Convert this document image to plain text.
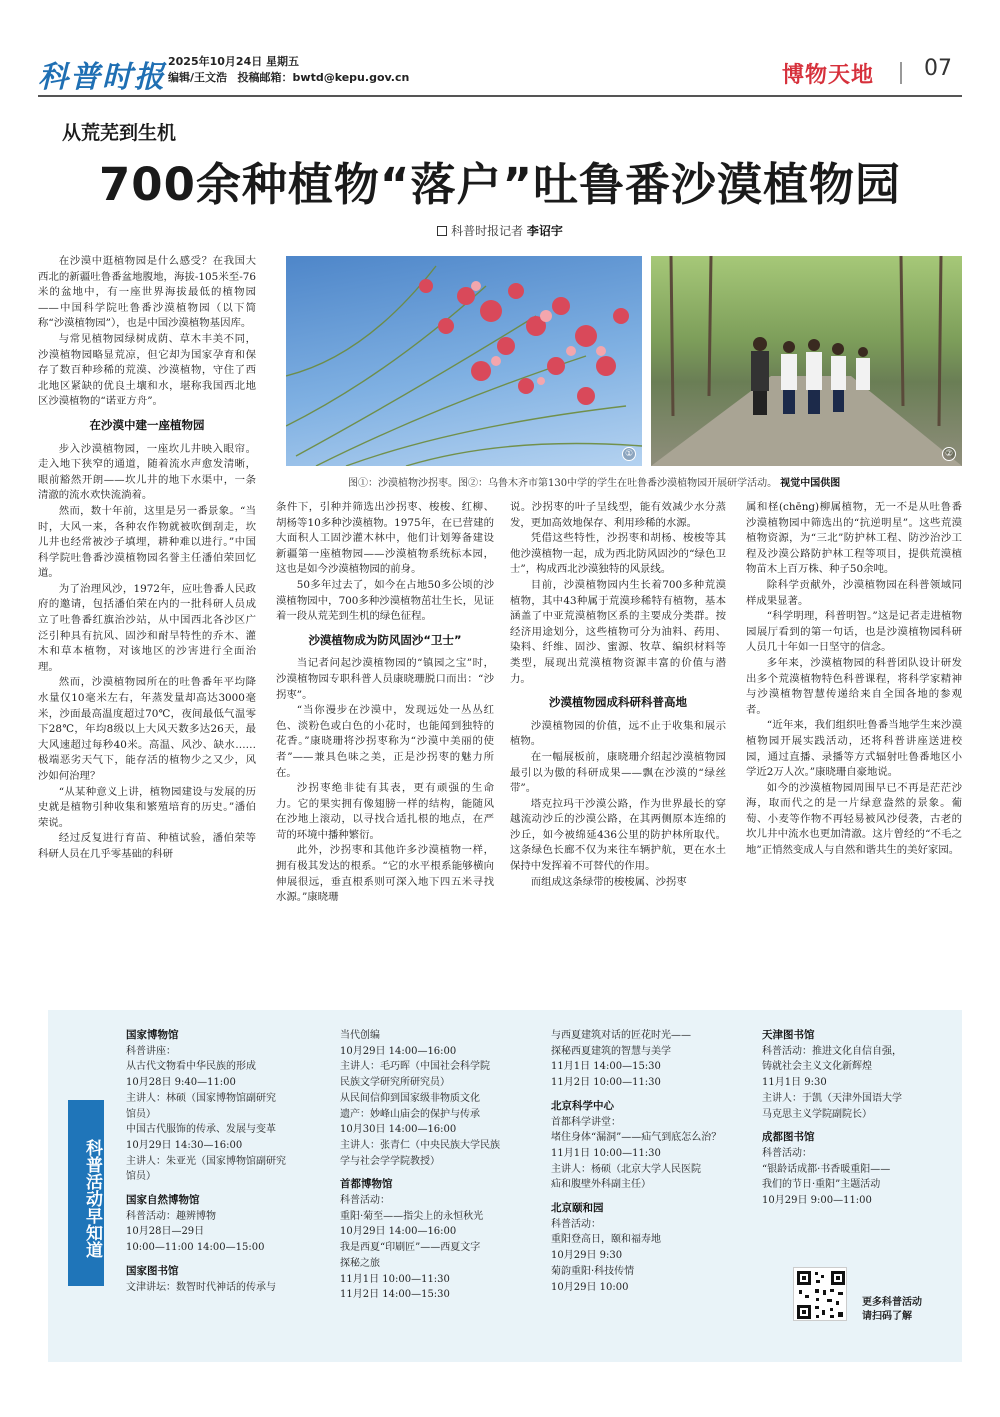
科普时报 2025年10月24日 星期五
编辑/王文浩 投稿邮箱：bwtd@kepu.gov.cn	博物天地 07
从荒芜到生机
700余种植物“落户”吐鲁番沙漠植物园
科普时报记者 李诏宇

在沙漠中逛植物园是什么感受？在我国大西北的新疆吐鲁番盆地腹地，海拔-105米至-76米的盆地中，有一座世界海拔最低的植物园——中国科学院吐鲁番沙漠植物园（以下简称“沙漠植物园”），也是中国沙漠植物基因库。

与常见植物园绿树成荫、草木丰美不同，沙漠植物园略显荒凉，但它却为国家孕育和保存了数百种珍稀的荒漠、沙漠植物，守住了西北地区紧缺的优良土壤和水，堪称我国西北地区沙漠植物的“诺亚方舟”。

在沙漠中建一座植物园

步入沙漠植物园，一座坎儿井映入眼帘。走入地下狭窄的通道，随着流水声愈发清晰，眼前豁然开朗——坎儿井的地下水渠中，一条清澈的流水欢快流淌着。

然而，数十年前，这里是另一番景象。“当时，大风一来，各种农作物就被吹倒刮走，坎儿井也经常被沙子填埋，耕种难以进行。”中国科学院吐鲁番沙漠植物园名誉主任潘伯荣回忆道。

为了治理风沙，1972年，应吐鲁番人民政府的邀请，包括潘伯荣在内的一批科研人员成立了吐鲁番红旗治沙站，从中国西北各沙区广泛引种具有抗风、固沙和耐旱特性的乔木、灌木和草本植物，对该地区的沙害进行全面治理。

然而，沙漠植物园所在的吐鲁番年平均降水量仅10毫米左右，年蒸发量却高达3000毫米，沙面最高温度超过70℃，夜间最低气温零下28℃，年均8级以上大风天数多达26天，最大风速超过每秒40米。高温、风沙、缺水……极端恶劣天气下，能存活的植物少之又少，风沙如何治理？

“从某种意义上讲，植物园建设与发展的历史就是植物引种收集和繁殖培育的历史。”潘伯荣说。

经过反复进行育苗、种植试验，潘伯荣等科研人员在几乎零基础的科研

①	②
图①：沙漠植物沙拐枣。图②：乌鲁木齐市第130中学的学生在吐鲁番沙漠植物园开展研学活动。 视觉中国供图

条件下，引种并筛选出沙拐枣、梭梭、红柳、胡杨等10多种沙漠植物。1975年，在已营建的大面积人工固沙灌木林中，他们计划筹备建设新疆第一座植物园——沙漠植物系统标本园，这也是如今沙漠植物园的前身。

50多年过去了，如今在占地50多公顷的沙漠植物园中，700多种沙漠植物茁壮生长，见证着一段从荒芜到生机的绿色征程。

沙漠植物成为防风固沙“卫士”

当记者问起沙漠植物园的“镇园之宝”时，沙漠植物园专职科普人员康晓珊脱口而出：“沙拐枣”。

“当你漫步在沙漠中，发现远处一丛丛红色、淡粉色或白色的小花时，也能闻到独特的花香。”康晓珊将沙拐枣称为“沙漠中美丽的使者”——兼具色味之美，正是沙拐枣的魅力所在。

沙拐枣绝非徒有其表，更有顽强的生命力。它的果实拥有像翅膀一样的结构，能随风在沙地上滚动，以寻找合适扎根的地点，在严苛的环境中播种繁衍。

此外，沙拐枣和其他许多沙漠植物一样，拥有极其发达的根系。“它的水平根系能够横向伸展很远，垂直根系则可深入地下四五米寻找水源。”康晓珊

说。沙拐枣的叶子呈线型，能有效减少水分蒸发，更加高效地保存、利用珍稀的水源。

凭借这些特性，沙拐枣和胡杨、梭梭等其他沙漠植物一起，成为西北防风固沙的“绿色卫士”，构成西北沙漠独特的风景线。

目前，沙漠植物园内生长着700多种荒漠植物，其中43种属于荒漠珍稀特有植物，基本涵盖了中亚荒漠植物区系的主要成分类群。按经济用途划分，这些植物可分为油料、药用、染料、纤维、固沙、蜜源、牧草、编织材料等类型，展现出荒漠植物资源丰富的价值与潜力。

沙漠植物园成科研科普高地

沙漠植物园的价值，远不止于收集和展示植物。

在一幅展板前，康晓珊介绍起沙漠植物园最引以为傲的科研成果——飘在沙漠的“绿丝带”。

塔克拉玛干沙漠公路，作为世界最长的穿越流动沙丘的沙漠公路，在其两侧原本连绵的沙丘，如今被绵延436公里的防护林所取代。这条绿色长廊不仅为来往车辆护航，更在水土保持中发挥着不可替代的作用。

而组成这条绿带的梭梭属、沙拐枣

属和柽(chēng)柳属植物，无一不是从吐鲁番沙漠植物园中筛选出的“抗逆明星”。这些荒漠植物资源，为“三北”防护林工程、防沙治沙工程及沙漠公路防护林工程等项目，提供荒漠植物苗木上百万株、种子50余吨。

除科学贡献外，沙漠植物园在科普领域同样成果显著。

“科学明理，科普明智。”这是记者走进植物园展厅看到的第一句话，也是沙漠植物园科研人员几十年如一日坚守的信念。

多年来，沙漠植物园的科普团队设计研发出多个荒漠植物特色科普课程，将科学家精神与沙漠植物智慧传递给来自全国各地的参观者。

“近年来，我们组织吐鲁番当地学生来沙漠植物园开展实践活动，还将科普讲座送进校园，通过直播、录播等方式辐射吐鲁番地区小学近2万人次。”康晓珊自豪地说。

如今的沙漠植物园周围早已不再是茫茫沙海，取而代之的是一片绿意盎然的景象。葡萄、小麦等作物不再轻易被风沙侵袭，古老的坎儿井中流水也更加清澈。这片曾经的“不毛之地”正悄然变成人与自然和谐共生的美好家园。

科普活动早知道
国家博物馆
科普讲座：
从古代文物看中华民族的形成
10月28日 9:40—11:00
主讲人：林硕（国家博物馆副研究
馆员）
中国古代服饰的传承、发展与变革
10月29日 14:30—16:00
主讲人：朱亚光（国家博物馆副研究
馆员）
国家自然博物馆
科普活动：趣辨博物
10月28日—29日
10:00—11:00 14:00—15:00
国家图书馆
文津讲坛：数智时代神话的传承与
当代创编
10月29日 14:00—16:00
主讲人：毛巧晖（中国社会科学院
民族文学研究所研究员）
从民间信仰到国家级非物质文化
遗产：妙峰山庙会的保护与传承
10月30日 14:00—16:00
主讲人：张青仁（中央民族大学民族
学与社会学学院教授）
首都博物馆
科普活动：
重阳·菊至——指尖上的永恒秋光
10月29日 14:00—16:00
我是西夏“印刷匠”——西夏文字
探秘之旅
11月1日 10:00—11:30
11月2日 14:00—15:30
与西夏建筑对话的匠花时光——
探秘西夏建筑的智慧与美学
11月1日 14:00—15:30
11月2日 10:00—11:30
北京科学中心
首都科学讲堂：
堵住身体“漏洞”——疝气到底怎么治？
11月1日 10:00—11:30
主讲人：杨硕（北京大学人民医院
疝和腹壁外科副主任）
北京颐和园
科普活动：
重阳登高日，颐和福寿地
10月29日 9:30
菊韵重阳·科技传情
10月29日 10:00
天津图书馆
科普活动：推进文化自信自强，
铸就社会主义文化新辉煌
11月1日 9:30
主讲人：于凯（天津外国语大学
马克思主义学院副院长）
成都图书馆
科普活动：
“银龄话成都·书香暖重阳——
我们的节日·重阳”主题活动
10月29日 9:00—11:00
更多科普活动
请扫码了解
